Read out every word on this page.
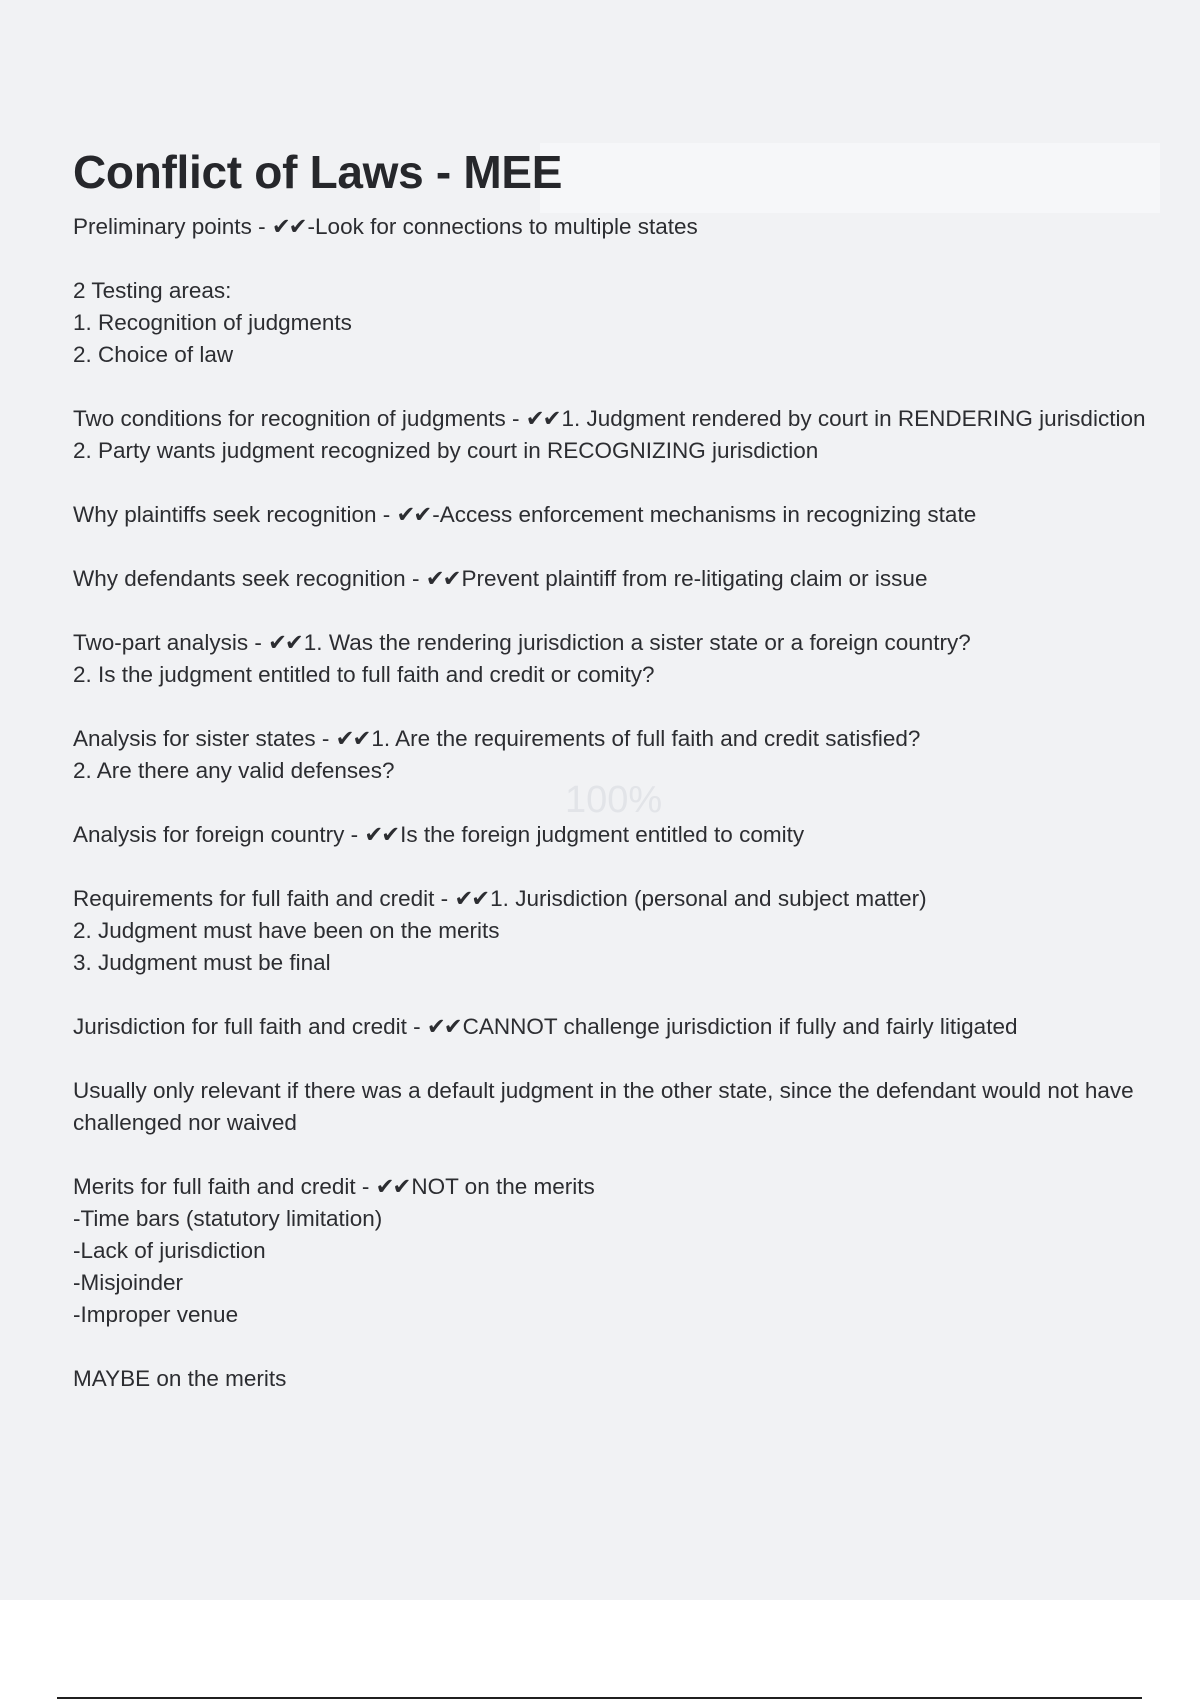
Conflict of Laws - MEE
100%
Preliminary points - ✔✔-Look for connections to multiple states

2 Testing areas:
1. Recognition of judgments
2. Choice of law
Two conditions for recognition of judgments - ✔✔1. Judgment rendered by court in RENDERING jurisdiction
2. Party wants judgment recognized by court in RECOGNIZING jurisdiction
Why plaintiffs seek recognition - ✔✔-Access enforcement mechanisms in recognizing state
Why defendants seek recognition - ✔✔Prevent plaintiff from re-litigating claim or issue
Two-part analysis - ✔✔1. Was the rendering jurisdiction a sister state or a foreign country?
2. Is the judgment entitled to full faith and credit or comity?
Analysis for sister states - ✔✔1. Are the requirements of full faith and credit satisfied?
2. Are there any valid defenses?
Analysis for foreign country - ✔✔Is the foreign judgment entitled to comity
Requirements for full faith and credit - ✔✔1. Jurisdiction (personal and subject matter)
2. Judgment must have been on the merits
3. Judgment must be final
Jurisdiction for full faith and credit - ✔✔CANNOT challenge jurisdiction if fully and fairly litigated

Usually only relevant if there was a default judgment in the other state, since the defendant would not have challenged nor waived
Merits for full faith and credit - ✔✔NOT on the merits
-Time bars (statutory limitation)
-Lack of jurisdiction
-Misjoinder
-Improper venue

MAYBE on the merits
